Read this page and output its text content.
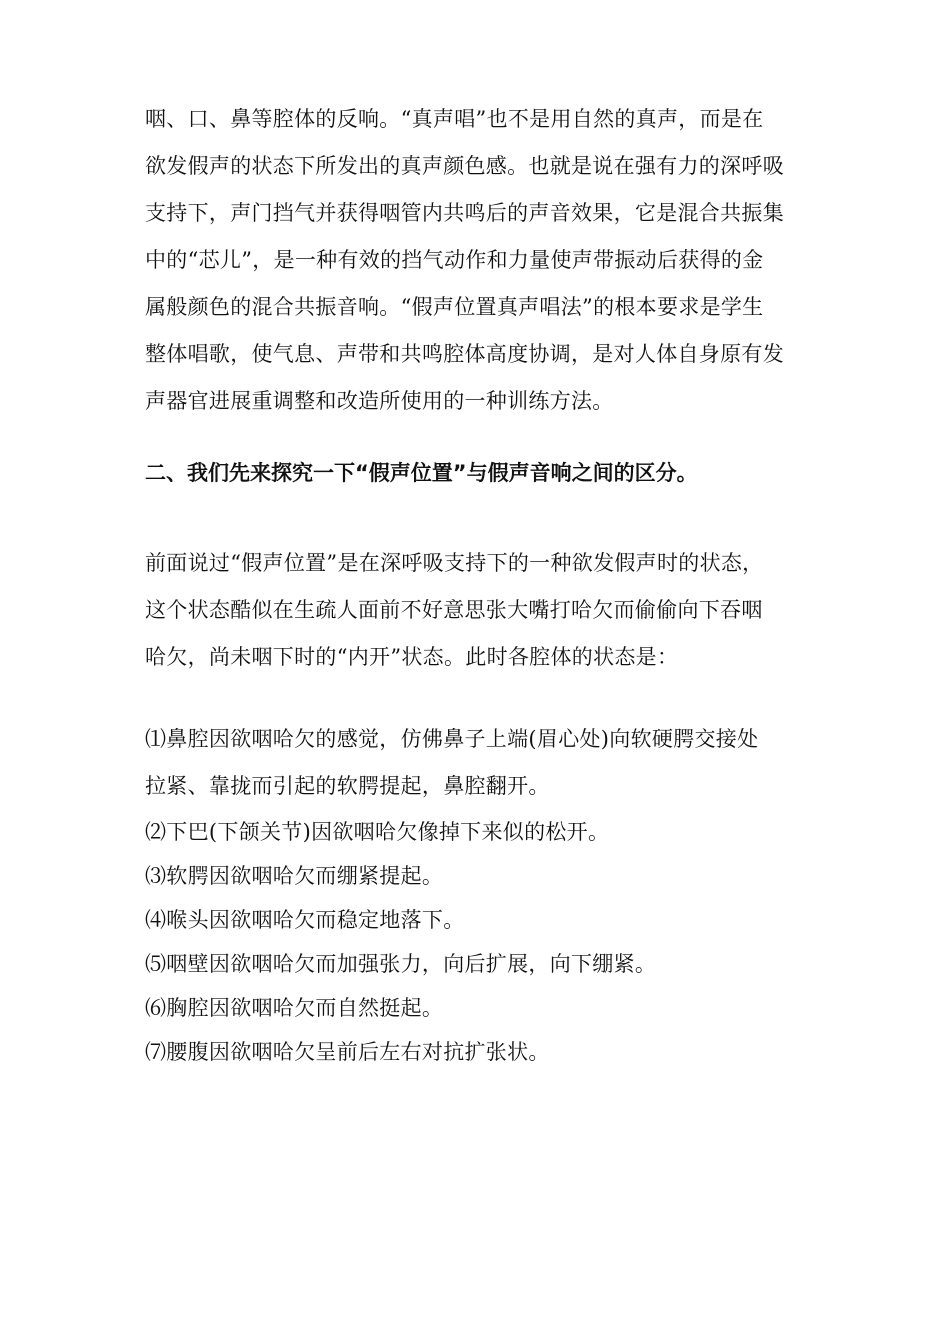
咽、口、鼻等腔体的反响。“真声唱”也不是用自然的真声，而是在
欲发假声的状态下所发出的真声颜色感。也就是说在强有力的深呼吸
支持下，声门挡气并获得咽管内共鸣后的声音效果，它是混合共振集
中的“芯儿”，是一种有效的挡气动作和力量使声带振动后获得的金
属般颜色的混合共振音响。“假声位置真声唱法”的根本要求是学生
整体唱歌，使气息、声带和共鸣腔体高度协调，是对人体自身原有发
声器官进展重调整和改造所使用的一种训练方法。

二、我们先来探究一下“假声位置”与假声音响之间的区分。

前面说过“假声位置”是在深呼吸支持下的一种欲发假声时的状态，
这个状态酷似在生疏人面前不好意思张大嘴打哈欠而偷偷向下吞咽
哈欠，尚未咽下时的“内开”状态。此时各腔体的状态是：

⑴鼻腔因欲咽哈欠的感觉，仿佛鼻子上端(眉心处)向软硬腭交接处
拉紧、靠拢而引起的软腭提起，鼻腔翻开。
⑵下巴(下颌关节)因欲咽哈欠像掉下来似的松开。
⑶软腭因欲咽哈欠而绷紧提起。
⑷喉头因欲咽哈欠而稳定地落下。
⑸咽壁因欲咽哈欠而加强张力，向后扩展，向下绷紧。
⑹胸腔因欲咽哈欠而自然挺起。
⑺腰腹因欲咽哈欠呈前后左右对抗扩张状。
